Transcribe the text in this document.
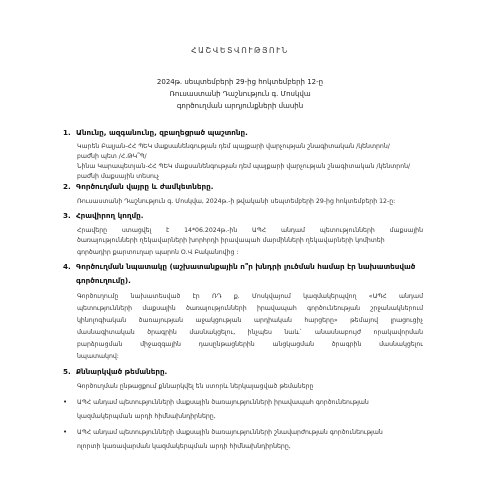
ՀԱՇՎԵՏՎՈՒԹՅՈՒՆ
2024թ. սեպտեմբերի 29-ից հոկտեմբերի 12-ը
Ռուսաստանի Դաշնություն գ. Մոսկվա
գործուղման արդյունքների մասին
1. Անունը, ազգանունը, զբաղեցրած պաշտոնը.
Կարեն Բալյան-ՀՀ ՊԵԿ մաքսանենգության դեմ պայքարի վարչության շնագիտական /կենտրոն/
բաժնի պետ /Հ.ԹԿ՞Պ/
Նինա Կարապետյան-ՀՀ ՊԵԿ մաքսանենգության դեմ պայքարի վարչության շնագիտական /կենտրոն/
բաժնի մաքսային տեսուչ
2. Գործուղման վայրը և ժամկետները.
Ռուսաստանի Դաշնություն գ. Մոսկվա, 2024թ.-ի թվականի սեպտեմբերի 29-ից հոկտեմբերի 12-ը:
3. Հրավիրող կողմը.
Հրավերը ստացվել է 14*06.2024թ.-ին ԱՊՀ անդամ պետությունների մաքսային
ծառայությունների ղեկավարների խորհրդի իրավապահ մարմինների ղեկավարների կոմիտեի
գործադիր քարտուղար պարոն Օ.Վ Բականովից :
4. Գործուղման նպատակը (աշխատանքային ո՞ր խնդրի լուծման համար էր նախատեսված
գործուղումը).
Գործուղումը նախատեսված էր ՌԴ ք. Մոսկվայում կազմակերպվող «ԱՊՀ անդամ
պետությունների մաքսային ծառայությունների իրավապահ գործունեության շրջանակներում
կինոլոգիական ծառայության աջակցության արդիական հարցերը» թեմայով լրացուցիչ
մասնագիտական ծրագրին մասնակցելու, ինչպես նաև` անասնաբույժ որակավորման
բարձրացման միջազգային դասընթացներին անցկացման ծրագրին մասնակցելու
նպատակով:
5. Քննարկված թեմաները.
Գործուղման ընթացքում քննարկվել են ստորև ներկայացված թեմաները
• ԱՊՀ անդամ պետությունների մաքսային ծառայությունների իրավապահ գործունեության
կազմակերպման արդի հիմնախնդիրները,
• ԱՊՀ անդամ պետությունների մաքսային ծառայությունների շնավարժության գործունեության
ոլորտի կառավարման կազմակերպման արդի հիմնախնդիրները,
